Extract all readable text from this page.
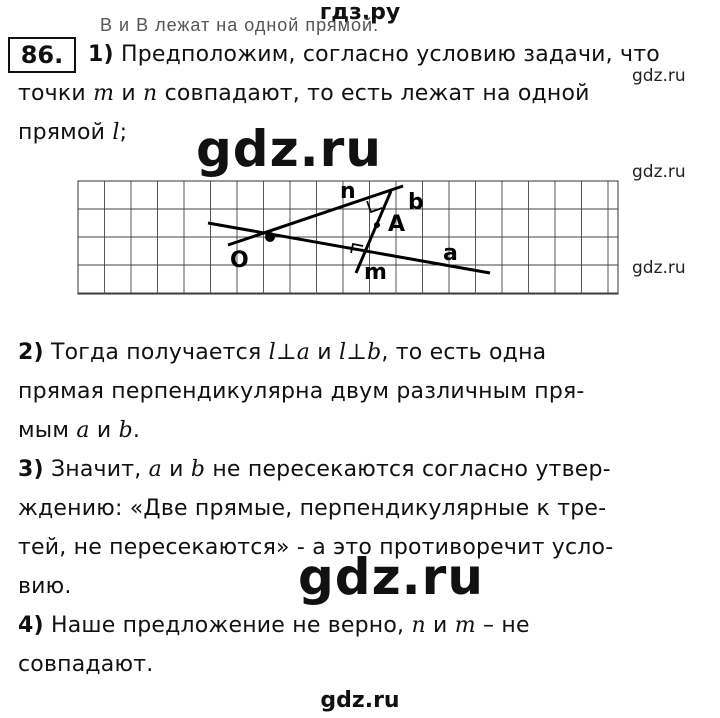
гдз.ру
В и В лежат на одной прямой.
86.	1) Предположим, согласно условию задачи, что
точки m и n совпадают, то есть лежат на одной
прямой l;
gdz.ru
gdz.ru	gdz.ru
gdz.ru
n b
A
O	m
a
2) Тогда получается l⊥a и l⊥b, то есть одна
прямая перпендикулярна двум различным пря-
мым a и b.
3) Значит, a и b не пересекаются согласно утвер-
ждению: «Две прямые, перпендикулярные к тре-
тей, не пересекаются» - а это противоречит усло-
вию.	gdz.ru
4) Наше предложение не верно, n и m – не
совпадают.
gdz.ru
